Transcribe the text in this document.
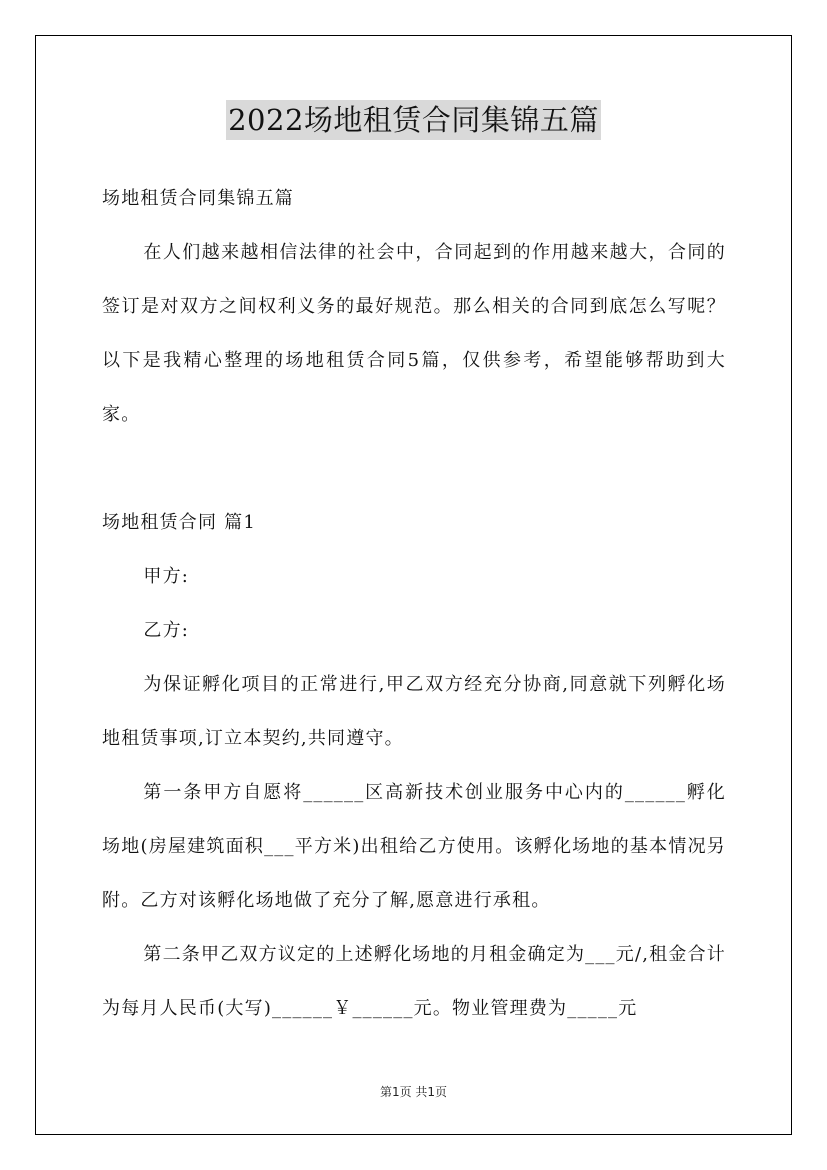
2022场地租赁合同集锦五篇

场地租赁合同集锦五篇

在人们越来越相信法律的社会中，合同起到的作用越来越大，合同的签订是对双方之间权利义务的最好规范。那么相关的合同到底怎么写呢？以下是我精心整理的场地租赁合同5篇，仅供参考，希望能够帮助到大家。

场地租赁合同 篇1

甲方:

乙方:

为保证孵化项目的正常进行,甲乙双方经充分协商,同意就下列孵化场地租赁事项,订立本契约,共同遵守。

第一条甲方自愿将______区高新技术创业服务中心内的______孵化场地(房屋建筑面积___平方米)出租给乙方使用。该孵化场地的基本情况另附。乙方对该孵化场地做了充分了解,愿意进行承租。

第二条甲乙双方议定的上述孵化场地的月租金确定为___元/,租金合计为每月人民币(大写)______￥______元。物业管理费为_____元

第1页 共1页
